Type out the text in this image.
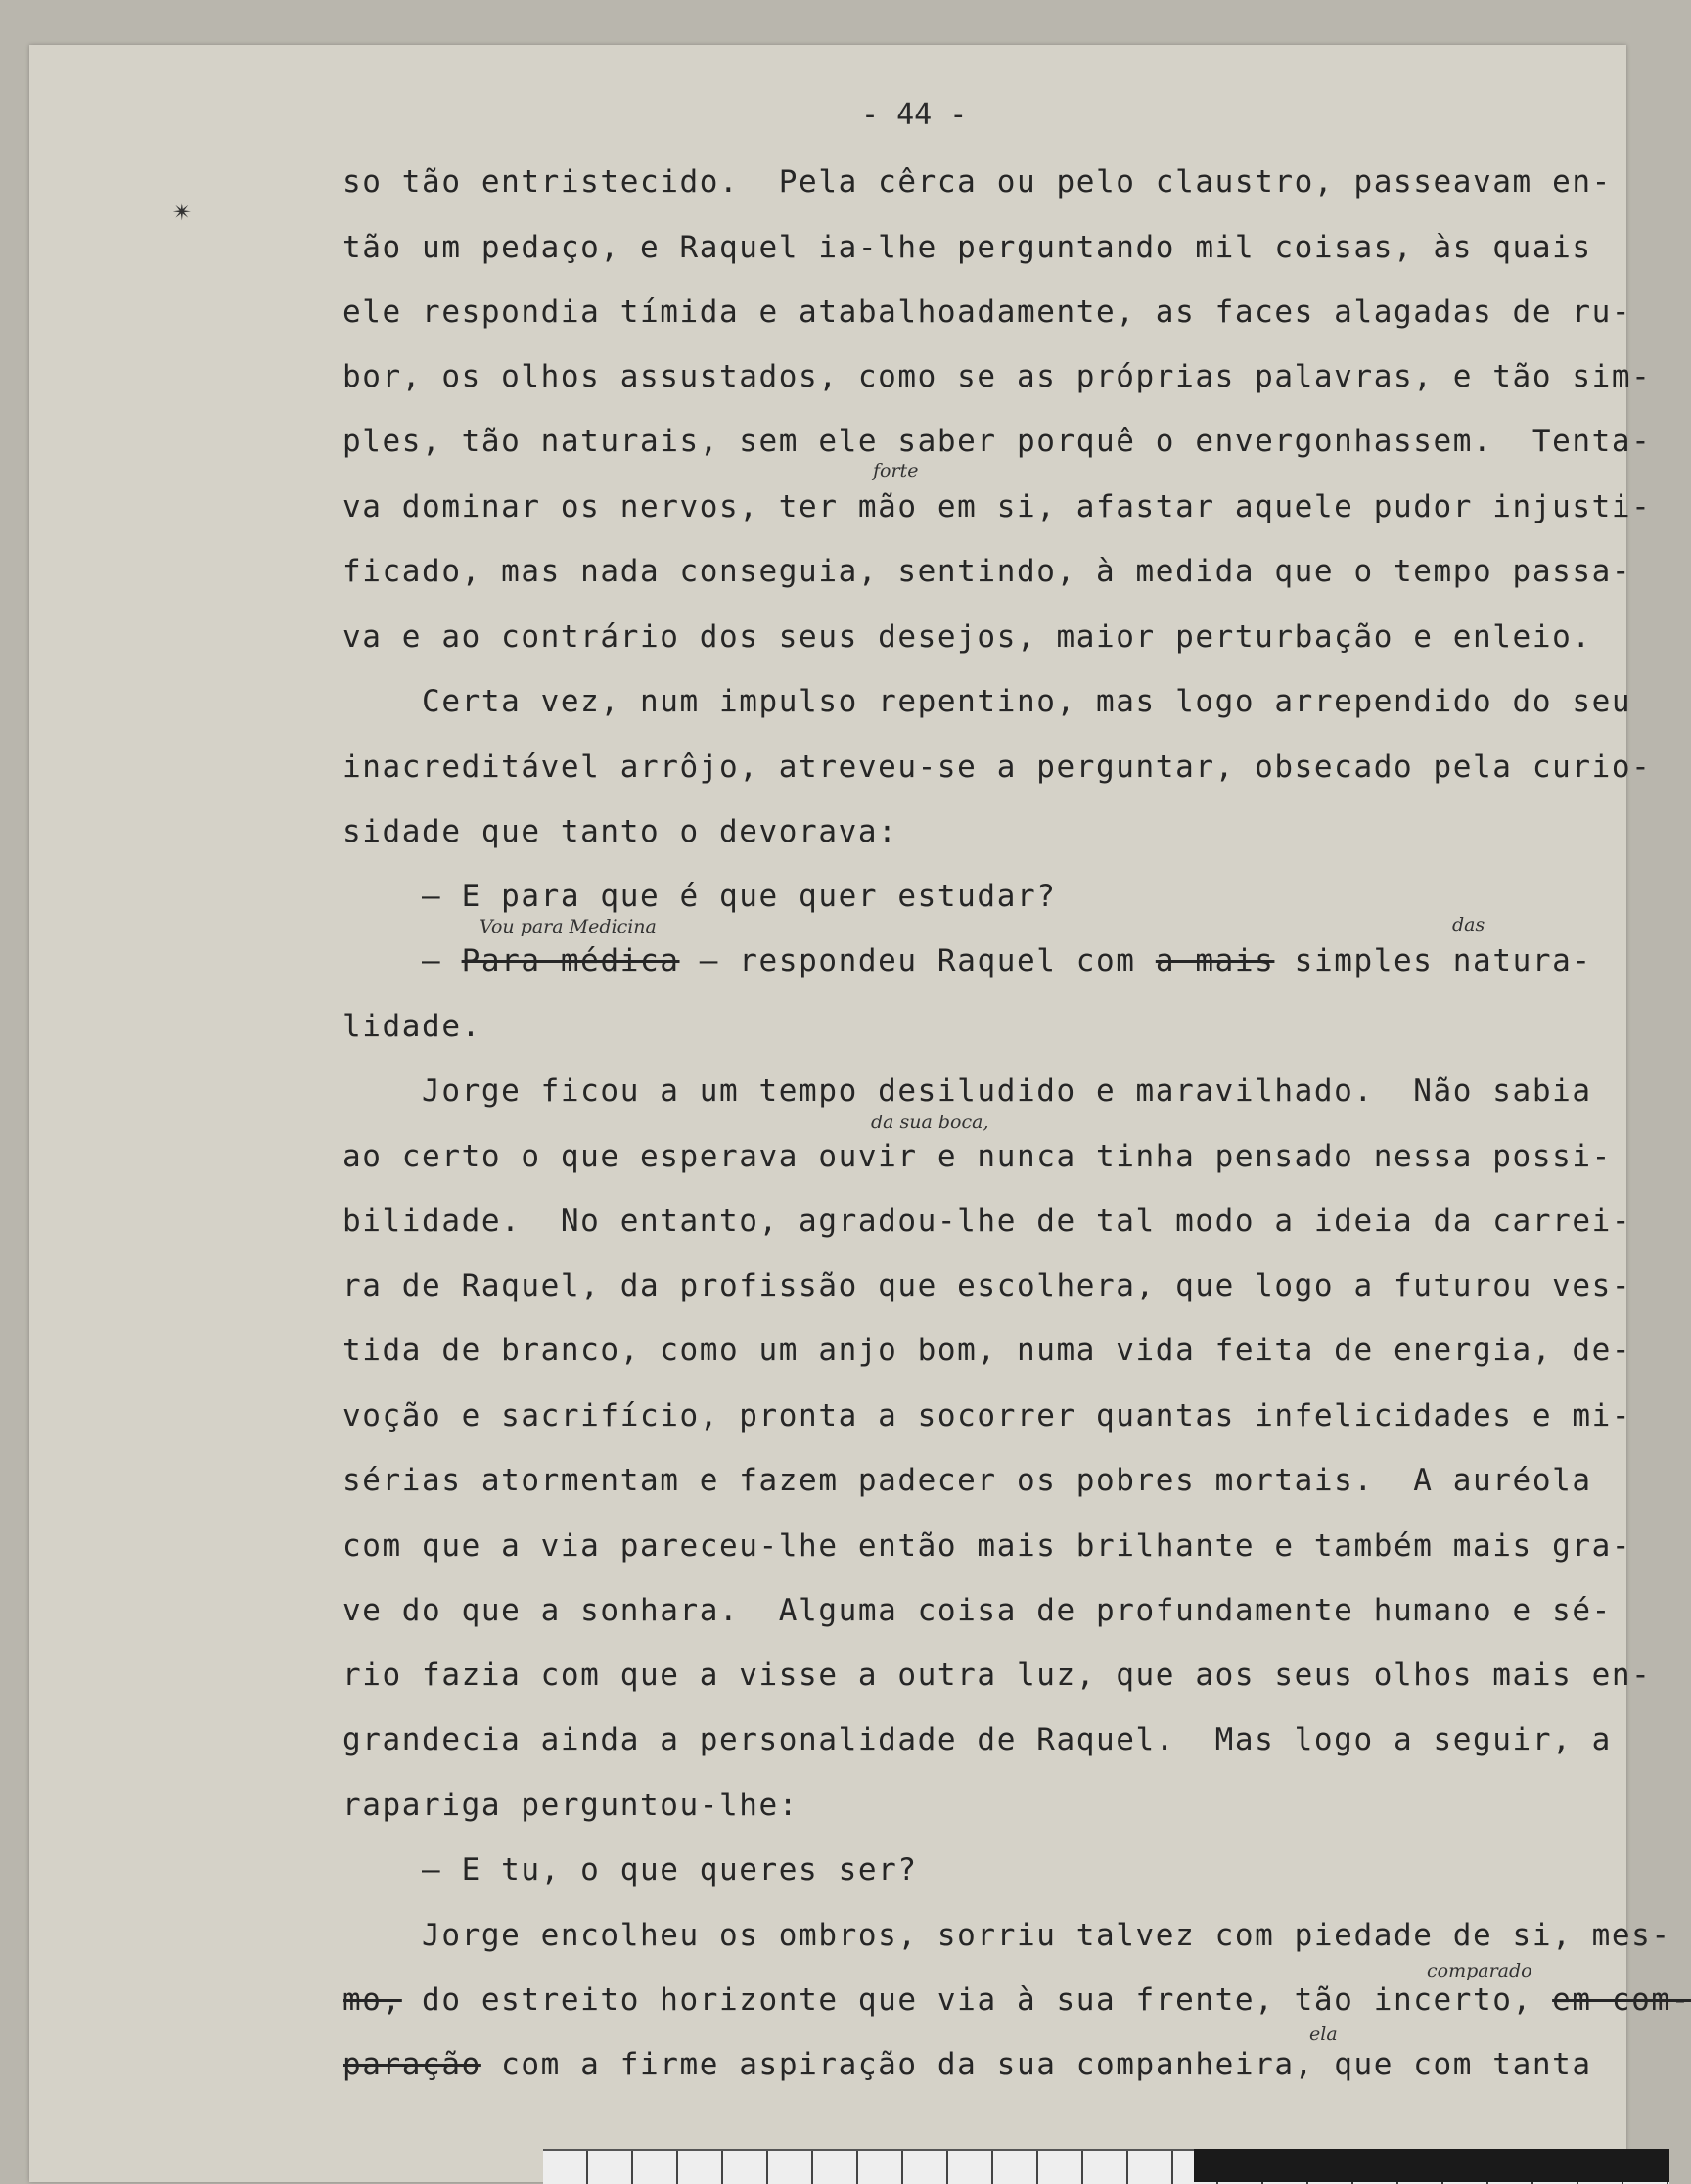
- 44 -
✴
so tão entristecido.  Pela cêrca ou pelo claustro, passeavam en-
tão um pedaço, e Raquel ia-lhe perguntando mil coisas, às quais
ele respondia tímida e atabalhoadamente, as faces alagadas de ru-
bor, os olhos assustados, como se as próprias palavras, e tão sim-
ples, tão naturais, sem ele saber porquê o envergonhassem.  Tenta-
va dominar os nervos, ter mão em si, afastar aquele pudor injusti-
ficado, mas nada conseguia, sentindo, à medida que o tempo passa-
va e ao contrário dos seus desejos, maior perturbação e enleio.
Certa vez, num impulso repentino, mas logo arrependido do seu
inacreditável arrôjo, atreveu-se a perguntar, obsecado pela curio-
sidade que tanto o devorava:
— E para que é que quer estudar?
— Para médica — respondeu Raquel com a mais simples natura-
lidade.
Jorge ficou a um tempo desiludido e maravilhado.  Não sabia
ao certo o que esperava ouvir e nunca tinha pensado nessa possi-
bilidade.  No entanto, agradou-lhe de tal modo a ideia da carrei-
ra de Raquel, da profissão que escolhera, que logo a futurou ves-
tida de branco, como um anjo bom, numa vida feita de energia, de-
voção e sacrifício, pronta a socorrer quantas infelicidades e mi-
sérias atormentam e fazem padecer os pobres mortais.  A auréola
com que a via pareceu-lhe então mais brilhante e também mais gra-
ve do que a sonhara.  Alguma coisa de profundamente humano e sé-
rio fazia com que a visse a outra luz, que aos seus olhos mais en-
grandecia ainda a personalidade de Raquel.  Mas logo a seguir, a
rapariga perguntou-lhe:
— E tu, o que queres ser?
Jorge encolheu os ombros, sorriu talvez com piedade de si, mes-
mo, do estreito horizonte que via à sua frente, tão incerto, em com-
paração com a firme aspiração da sua companheira, que com tanta
forte
Vou para Medicina	das
da sua boca,
comparado
ela
